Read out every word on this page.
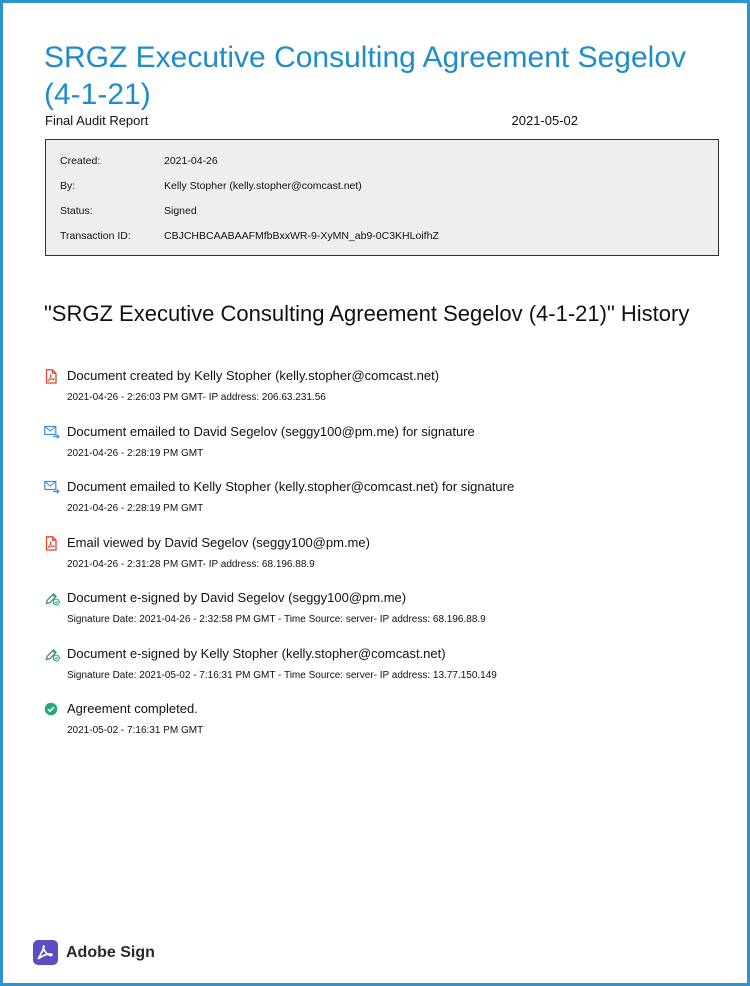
SRGZ Executive Consulting Agreement Segelov (4-1-21)
Final Audit Report	2021-05-02
Created:	2021-04-26
By:	Kelly Stopher (kelly.stopher@comcast.net)
Status:	Signed
Transaction ID:	CBJCHBCAABAAFMfbBxxWR-9-XyMN_ab9-0C3KHLoifhZ
"SRGZ Executive Consulting Agreement Segelov (4-1-21)" History
Document created by Kelly Stopher (kelly.stopher@comcast.net)
2021-04-26 - 2:26:03 PM GMT- IP address: 206.63.231.56
Document emailed to David Segelov (seggy100@pm.me) for signature
2021-04-26 - 2:28:19 PM GMT
Document emailed to Kelly Stopher (kelly.stopher@comcast.net) for signature
2021-04-26 - 2:28:19 PM GMT
Email viewed by David Segelov (seggy100@pm.me)
2021-04-26 - 2:31:28 PM GMT- IP address: 68.196.88.9
Document e-signed by David Segelov (seggy100@pm.me)
Signature Date: 2021-04-26 - 2:32:58 PM GMT - Time Source: server- IP address: 68.196.88.9
Document e-signed by Kelly Stopher (kelly.stopher@comcast.net)
Signature Date: 2021-05-02 - 7:16:31 PM GMT - Time Source: server- IP address: 13.77.150.149
Agreement completed.
2021-05-02 - 7:16:31 PM GMT
Adobe Sign
